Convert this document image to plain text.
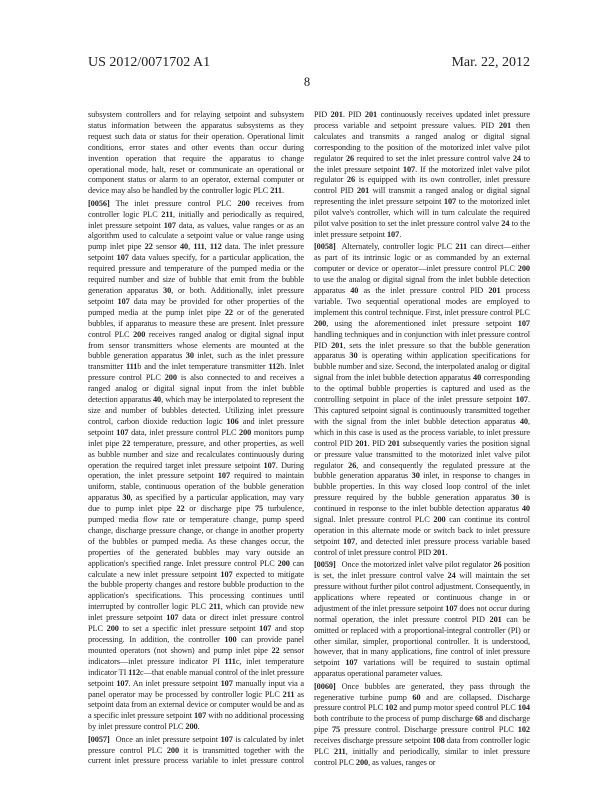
US 2012/0071702 A1
8
Mar. 22, 2012

subsystem controllers and for relaying setpoint and subsystem status information between the apparatus subsystems as they request such data or status for their operation. Operational limit conditions, error states and other events than occur during invention operation that require the apparatus to change operational mode, halt, reset or communicate an operational or component status or alarm to an operator, external computer or device may also be handled by the controller logic PLC 211.

[0056] The inlet pressure control PLC 200 receives from controller logic PLC 211, initially and periodically as required, inlet pressure setpoint 107 data, as values, value ranges or as an algorithm used to calculate a setpoint value or value range using pump inlet pipe 22 sensor 40, 111, 112 data. The inlet pressure setpoint 107 data values specify, for a particular application, the required pressure and temperature of the pumped media or the required number and size of bubble that emit from the bubble generation apparatus 30, or both. Additionally, inlet pressure setpoint 107 data may be provided for other properties of the pumped media at the pump inlet pipe 22 or of the generated bubbles, if apparatus to measure these are present. Inlet pressure control PLC 200 receives ranged analog or digital signal input from sensor transmitters whose elements are mounted at the bubble generation apparatus 30 inlet, such as the inlet pressure transmitter 111b and the inlet temperature transmitter 112b. Inlet pressure control PLC 200 is also connected to and receives a ranged analog or digital signal input from the inlet bubble detection apparatus 40, which may be interpolated to represent the size and number of bubbles detected. Utilizing inlet pressure control, carbon dioxide reduction logic 106 and inlet pressure setpoint 107 data, inlet pressure control PLC 200 monitors pump inlet pipe 22 temperature, pressure, and other properties, as well as bubble number and size and recalculates continuously during operation the required target inlet pressure setpoint 107. During operation, the inlet pressure setpoint 107 required to maintain uniform, stable, continuous operation of the bubble generation apparatus 30, as specified by a particular application, may vary due to pump inlet pipe 22 or discharge pipe 75 turbulence, pumped media flow rate or temperature change, pump speed change, discharge pressure change, or change in another property of the bubbles or pumped media. As these changes occur, the properties of the generated bubbles may vary outside an application's specified range. Inlet pressure control PLC 200 can calculate a new inlet pressure setpoint 107 expected to mitigate the bubble property changes and restore bubble production to the application's specifications. This processing continues until interrupted by controller logic PLC 211, which can provide new inlet pressure setpoint 107 data or direct inlet pressure control PLC 200 to set a specific inlet pressure setpoint 107 and stop processing. In addition, the controller 100 can provide panel mounted operators (not shown) and pump inlet pipe 22 sensor indicators—inlet pressure indicator PI 111c, inlet temperature indicator TI 112c—that enable manual control of the inlet pressure setpoint 107. An inlet pressure setpoint 107 manually input via a panel operator may be processed by controller logic PLC 211 as setpoint data from an external device or computer would be and as a specific inlet pressure setpoint 107 with no additional processing by inlet pressure control PLC 200.

[0057] Once an inlet pressure setpoint 107 is calculated by inlet pressure control PLC 200 it is transmitted together with the current inlet pressure process variable to inlet pressure control PID 201. PID 201 continuously receives updated inlet pressure process variable and setpoint pressure values. PID 201 then calculates and transmits a ranged analog or digital signal corresponding to the position of the motorized inlet valve pilot regulator 26 required to set the inlet pressure control valve 24 to the inlet pressure setpoint 107. If the motorized inlet valve pilot regulator 26 is equipped with its own controller, inlet pressure control PID 201 will transmit a ranged analog or digital signal representing the inlet pressure setpoint 107 to the motorized inlet pilot valve's controller, which will in turn calculate the required pilot valve position to set the inlet pressure control valve 24 to the inlet pressure setpoint 107.

[0058] Alternately, controller logic PLC 211 can direct—either as part of its intrinsic logic or as commanded by an external computer or device or operator—inlet pressure control PLC 200 to use the analog or digital signal from the inlet bubble detection apparatus 40 as the inlet pressure control PID 201 process variable. Two sequential operational modes are employed to implement this control technique. First, inlet pressure control PLC 200, using the aforementioned inlet pressure setpoint 107 handling techniques and in conjunction with inlet pressure control PID 201, sets the inlet pressure so that the bubble generation apparatus 30 is operating within application specifications for bubble number and size. Second, the interpolated analog or digital signal from the inlet bubble detection apparatus 40 corresponding to the optimal bubble properties is captured and used as the controlling setpoint in place of the inlet pressure setpoint 107. This captured setpoint signal is continuously transmitted together with the signal from the inlet bubble detection apparatus 40, which in this case is used as the process variable, to inlet pressure control PID 201. PID 201 subsequently varies the position signal or pressure value transmitted to the motorized inlet valve pilot regulator 26, and consequently the regulated pressure at the bubble generation apparatus 30 inlet, in response to changes in bubble properties. In this way closed loop control of the inlet pressure required by the bubble generation apparatus 30 is continued in response to the inlet bubble detection apparatus 40 signal. Inlet pressure control PLC 200 can continue its control operation in this alternate mode or switch back to inlet pressure setpoint 107, and detected inlet pressure process variable based control of inlet pressure control PID 201.

[0059] Once the motorized inlet valve pilot regulator 26 position is set, the inlet pressure control valve 24 will maintain the set pressure without further pilot control adjustment. Consequently, in applications where repeated or continuous change in or adjustment of the inlet pressure setpoint 107 does not occur during normal operation, the inlet pressure control PID 201 can be omitted or replaced with a proportional-integral controller (PI) or other similar, simpler, proportional controller. It is understood, however, that in many applications, fine control of inlet pressure setpoint 107 variations will be required to sustain optimal apparatus operational parameter values.

[0060] Once bubbles are generated, they pass through the regenerative turbine pump 60 and are collapsed. Discharge pressure control PLC 102 and pump motor speed control PLC 104 both contribute to the process of pump discharge 68 and discharge pipe 75 pressure control. Discharge pressure control PLC 102 receives discharge pressure setpoint 108 data from controller logic PLC 211, initially and periodically, similar to inlet pressure control PLC 200, as values, ranges or
